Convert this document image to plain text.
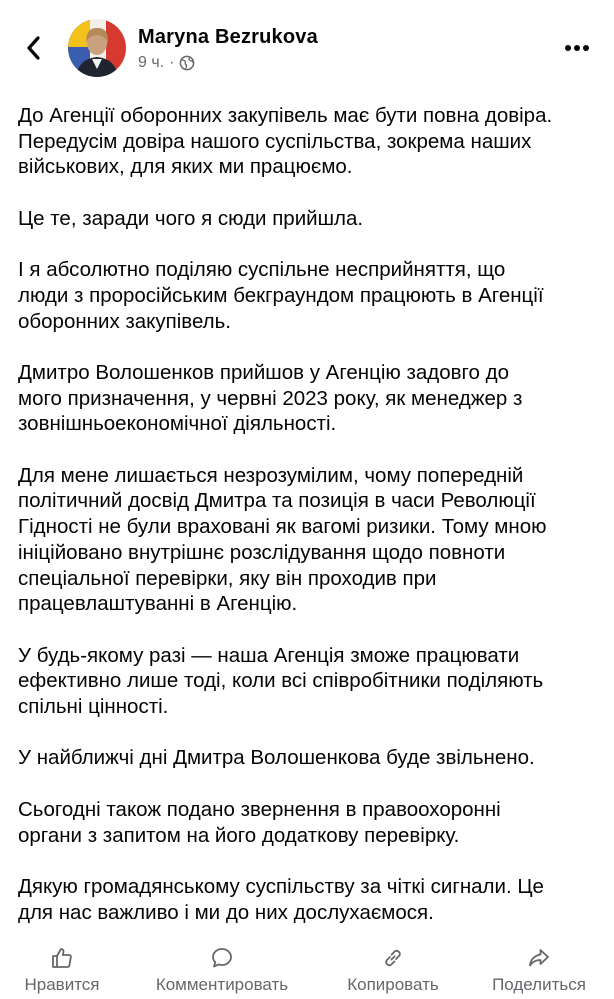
Maryna Bezrukova
9 ч. ·

До Агенції оборонних закупівель має бути повна довіра.
Передусім довіра нашого суспільства, зокрема наших
військових, для яких ми працюємо.

Це те, заради чого я сюди прийшла.

І я абсолютно поділяю суспільне несприйняття, що
люди з проросійським бекграундом працюють в Агенції
оборонних закупівель.

Дмитро Волошенков прийшов у Агенцію задовго до
мого призначення, у червні 2023 року, як менеджер з
зовнішньоекономічної діяльності.

Для мене лишається незрозумілим, чому попередній
політичний досвід Дмитра та позиція в часи Революції
Гідності не були враховані як вагомі ризики. Тому мною
ініційовано внутрішнє розслідування щодо повноти
спеціальної перевірки, яку він проходив при
працевлаштуванні в Агенцію.

У будь-якому разі — наша Агенція зможе працювати
ефективно лише тоді, коли всі співробітники поділяють
спільні цінності.

У найближчі дні Дмитра Волошенкова буде звільнено.

Сьогодні також подано звернення в правоохоронні
органи з запитом на його додаткову перевірку.

Дякую громадянському суспільству за чіткі сигнали. Це
для нас важливо і ми до них дослухаємося.

Нравится	Комментировать	Копировать	Поделиться
